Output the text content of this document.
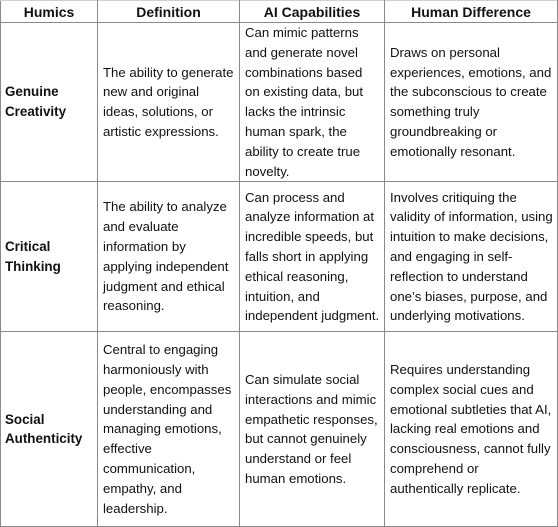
Humics	Definition	AI Capabilities	Human Difference
Genuine Creativity	The ability to generate new and original ideas, solutions, or artistic expressions.	Can mimic patterns and generate novel combinations based on existing data, but lacks the intrinsic human spark, the ability to create true novelty.	Draws on personal experiences, emotions, and the subconscious to create something truly groundbreaking or emotionally resonant.
Critical Thinking	The ability to analyze and evaluate information by applying independent judgment and ethical reasoning.	Can process and analyze information at incredible speeds, but falls short in applying ethical reasoning, intuition, and independent judgment.	Involves critiquing the validity of information, using intuition to make decisions, and engaging in self-reflection to understand one’s biases, purpose, and underlying motivations.
Social Authenticity	Central to engaging harmoniously with people, encompasses understanding and managing emotions, effective communication, empathy, and leadership.	Can simulate social interactions and mimic empathetic responses, but cannot genuinely understand or feel human emotions.	Requires understanding complex social cues and emotional subtleties that AI, lacking real emotions and consciousness, cannot fully comprehend or authentically replicate.
